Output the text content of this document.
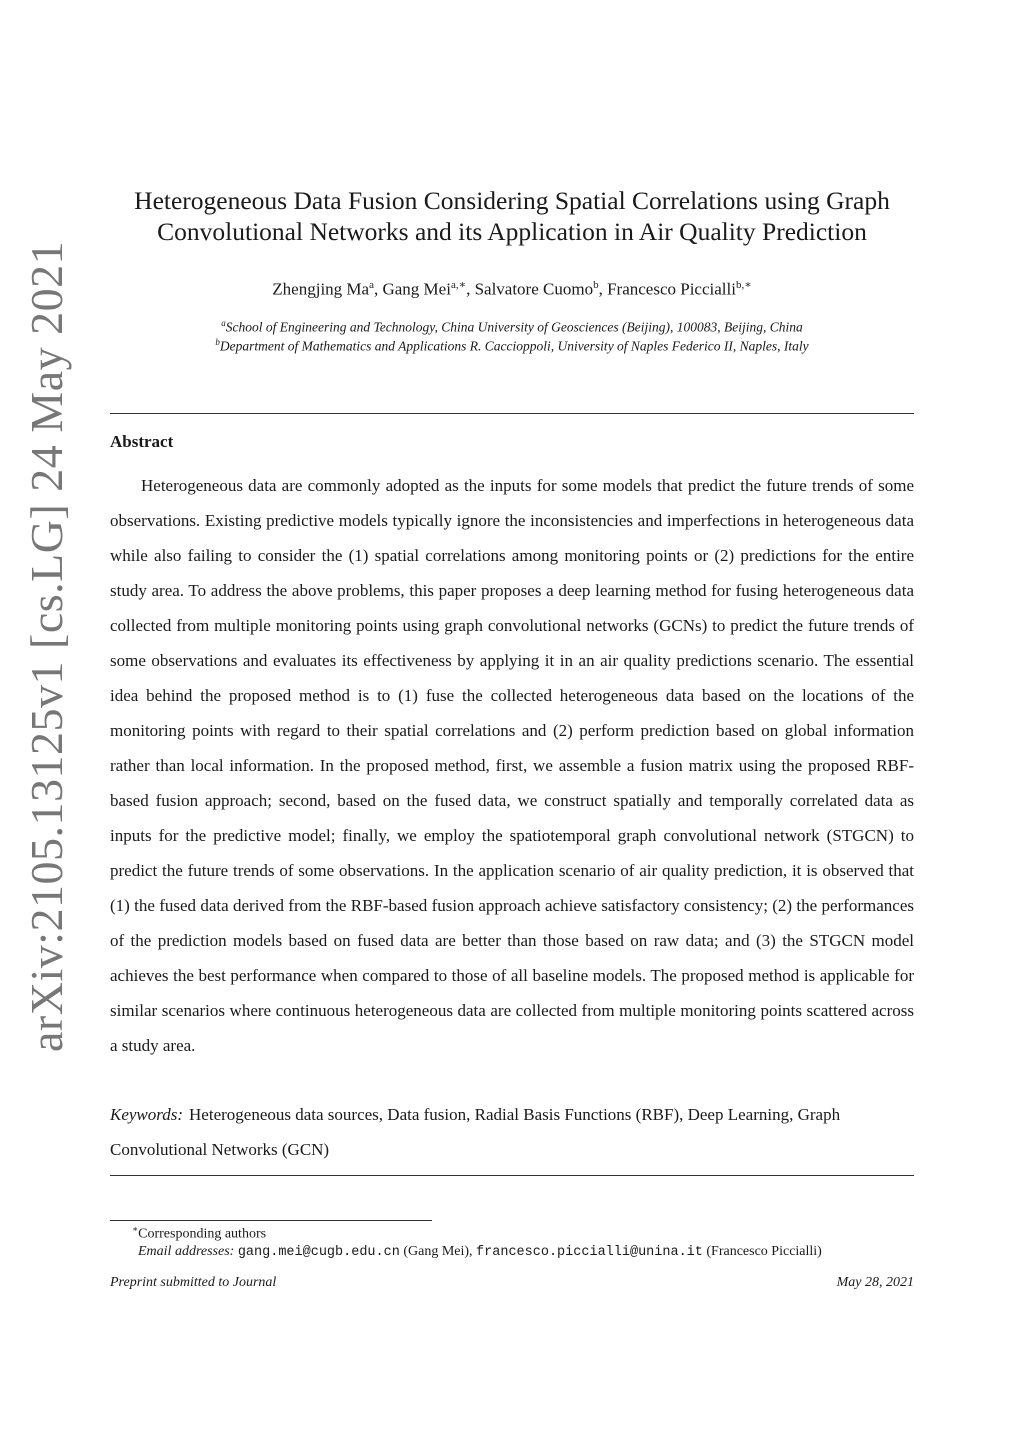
arXiv:2105.13125v1 [cs.LG] 24 May 2021
Heterogeneous Data Fusion Considering Spatial Correlations using Graph
Convolutional Networks and its Application in Air Quality Prediction
Zhengjing Ma$^a$, Gang Mei$^{a,∗}$, Salvatore Cuomo$^b$, Francesco Piccialli$^{b,∗}$
$^a$School of Engineering and Technology, China University of Geosciences (Beijing), 100083, Beijing, China
$^b$Department of Mathematics and Applications R. Caccioppoli, University of Naples Federico II, Naples, Italy
Abstract

Heterogeneous data are commonly adopted as the inputs for some models that predict the future trends of some observations. Existing predictive models typically ignore the inconsistencies and imperfections in heterogeneous data while also failing to consider the (1) spatial correlations among monitoring points or (2) predictions for the entire study area. To address the above problems, this paper proposes a deep learning method for fusing heterogeneous data collected from multiple monitoring points using graph convolutional networks (GCNs) to predict the future trends of some observations and evaluates its effectiveness by applying it in an air quality predictions scenario. The essential idea behind the proposed method is to (1) fuse the collected heterogeneous data based on the locations of the monitoring points with regard to their spatial correlations and (2) perform prediction based on global information rather than local information. In the proposed method, first, we assemble a fusion matrix using the proposed RBF-based fusion approach; second, based on the fused data, we construct spatially and temporally correlated data as inputs for the predictive model; finally, we employ the spatiotemporal graph convolutional network (STGCN) to predict the future trends of some observations. In the application scenario of air quality prediction, it is observed that (1) the fused data derived from the RBF-based fusion approach achieve satisfactory consistency; (2) the performances of the prediction models based on fused data are better than those based on raw data; and (3) the STGCN model achieves the best performance when compared to those of all baseline models. The proposed method is applicable for similar scenarios where continuous heterogeneous data are collected from multiple monitoring points scattered across a study area.

Keywords: Heterogeneous data sources, Data fusion, Radial Basis Functions (RBF), Deep Learning, Graph Convolutional Networks (GCN)

∗Corresponding authors
Email addresses: gang.mei@cugb.edu.cn (Gang Mei), francesco.piccialli@unina.it (Francesco Piccialli)
Preprint submitted to Journal	May 28, 2021
